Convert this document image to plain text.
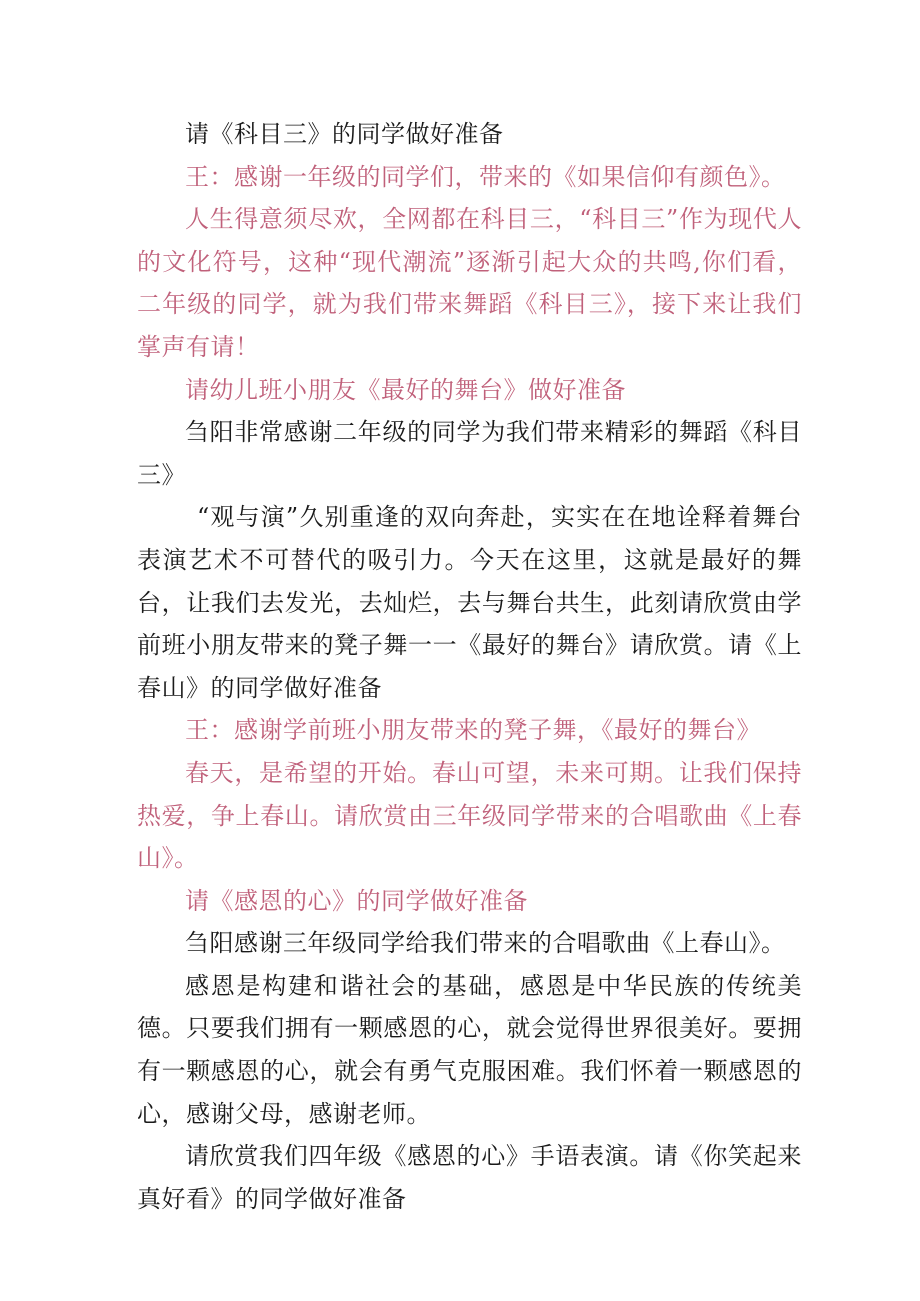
请《科目三》的同学做好准备

王：感谢一年级的同学们，带来的《如果信仰有颜色》。

人生得意须尽欢，全网都在科目三，“科目三”作为现代人的文化符号，这种“现代潮流”逐渐引起大众的共鸣,你们看，二年级的同学，就为我们带来舞蹈《科目三》，接下来让我们掌声有请！

请幼儿班小朋友《最好的舞台》做好准备

刍阳非常感谢二年级的同学为我们带来精彩的舞蹈《科目三》

“观与演”久别重逢的双向奔赴，实实在在地诠释着舞台表演艺术不可替代的吸引力。今天在这里，这就是最好的舞台，让我们去发光，去灿烂，去与舞台共生，此刻请欣赏由学前班小朋友带来的凳子舞一一《最好的舞台》请欣赏。请《上春山》的同学做好准备

王：感谢学前班小朋友带来的凳子舞，《最好的舞台》

春天，是希望的开始。春山可望，未来可期。让我们保持热爱，争上春山。请欣赏由三年级同学带来的合唱歌曲《上春山》。

请《感恩的心》的同学做好准备

刍阳感谢三年级同学给我们带来的合唱歌曲《上春山》。

感恩是构建和谐社会的基础，感恩是中华民族的传统美德。只要我们拥有一颗感恩的心，就会觉得世界很美好。要拥有一颗感恩的心，就会有勇气克服困难。我们怀着一颗感恩的心，感谢父母，感谢老师。

请欣赏我们四年级《感恩的心》手语表演。请《你笑起来真好看》的同学做好准备
